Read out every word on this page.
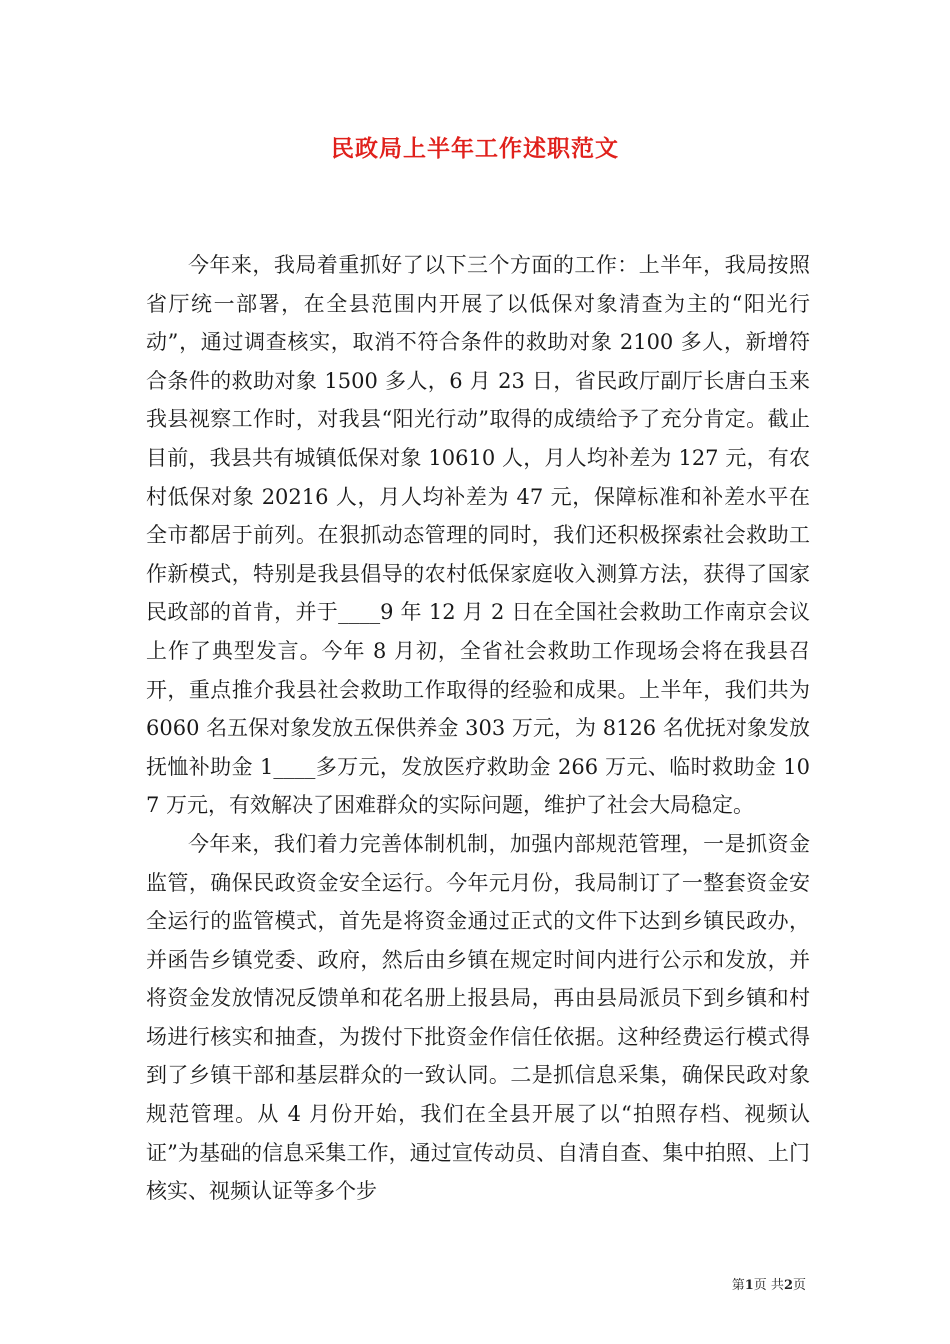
民政局上半年工作述职范文

今年来，我局着重抓好了以下三个方面的工作：上半年，我局按照省厅统一部署，在全县范围内开展了以低保对象清查为主的“阳光行动”，通过调查核实，取消不符合条件的救助对象 2100 多人，新增符合条件的救助对象 1500 多人，6 月 23 日，省民政厅副厅长唐白玉来我县视察工作时，对我县“阳光行动”取得的成绩给予了充分肯定。截止目前，我县共有城镇低保对象 10610 人，月人均补差为 127 元，有农村低保对象 20216 人，月人均补差为 47 元，保障标准和补差水平在全市都居于前列。在狠抓动态管理的同时，我们还积极探索社会救助工作新模式，特别是我县倡导的农村低保家庭收入测算方法，获得了国家民政部的首肯，并于____9 年 12 月 2 日在全国社会救助工作南京会议上作了典型发言。今年 8 月初，全省社会救助工作现场会将在我县召开，重点推介我县社会救助工作取得的经验和成果。上半年，我们共为 6060 名五保对象发放五保供养金 303 万元，为 8126 名优抚对象发放抚恤补助金 1____多万元，发放医疗救助金 266 万元、临时救助金 107 万元，有效解决了困难群众的实际问题，维护了社会大局稳定。

今年来，我们着力完善体制机制，加强内部规范管理，一是抓资金监管，确保民政资金安全运行。今年元月份，我局制订了一整套资金安全运行的监管模式，首先是将资金通过正式的文件下达到乡镇民政办，并函告乡镇党委、政府，然后由乡镇在规定时间内进行公示和发放，并将资金发放情况反馈单和花名册上报县局，再由县局派员下到乡镇和村场进行核实和抽查，为拨付下批资金作信任依据。这种经费运行模式得到了乡镇干部和基层群众的一致认同。二是抓信息采集，确保民政对象规范管理。从 4 月份开始，我们在全县开展了以“拍照存档、视频认证”为基础的信息采集工作，通过宣传动员、自清自查、集中拍照、上门核实、视频认证等多个步

第1页 共2页
